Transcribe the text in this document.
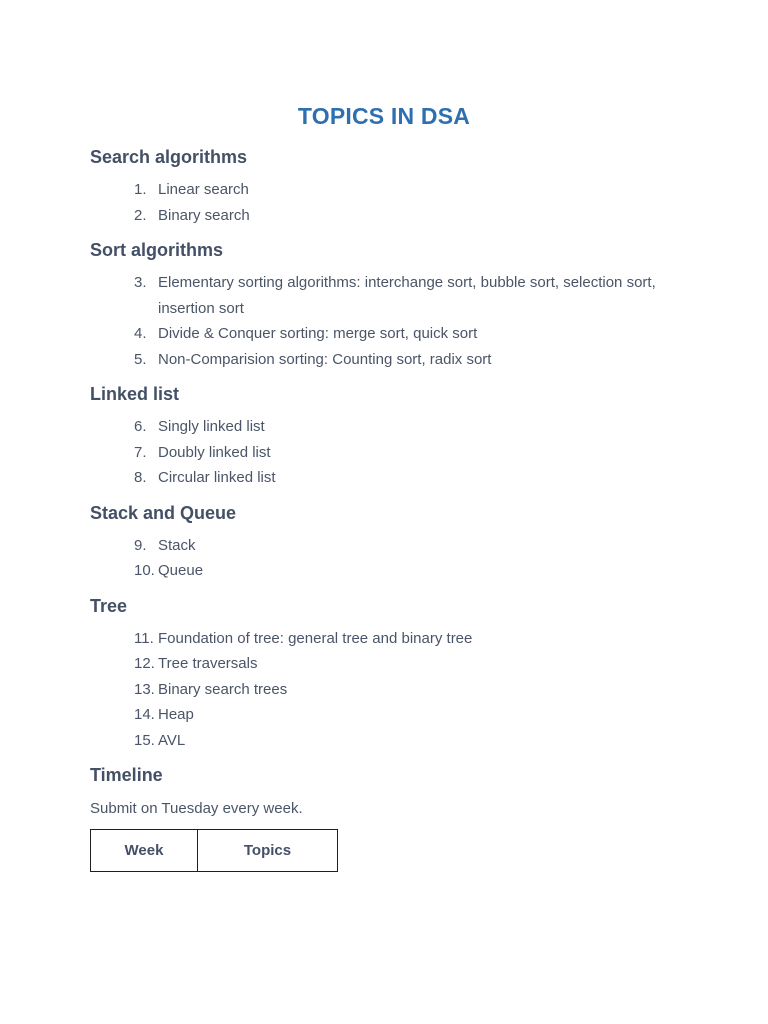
TOPICS IN DSA
Search algorithms
1. Linear search
2. Binary search
Sort algorithms
3. Elementary sorting algorithms: interchange sort, bubble sort, selection sort, insertion sort
4. Divide & Conquer sorting: merge sort, quick sort
5. Non-Comparision sorting: Counting sort, radix sort
Linked list
6. Singly linked list
7. Doubly linked list
8. Circular linked list
Stack and Queue
9. Stack
10. Queue
Tree
11. Foundation of tree: general tree and binary tree
12. Tree traversals
13. Binary search trees
14. Heap
15. AVL
Timeline

Submit on Tuesday every week.

Week	Topics
